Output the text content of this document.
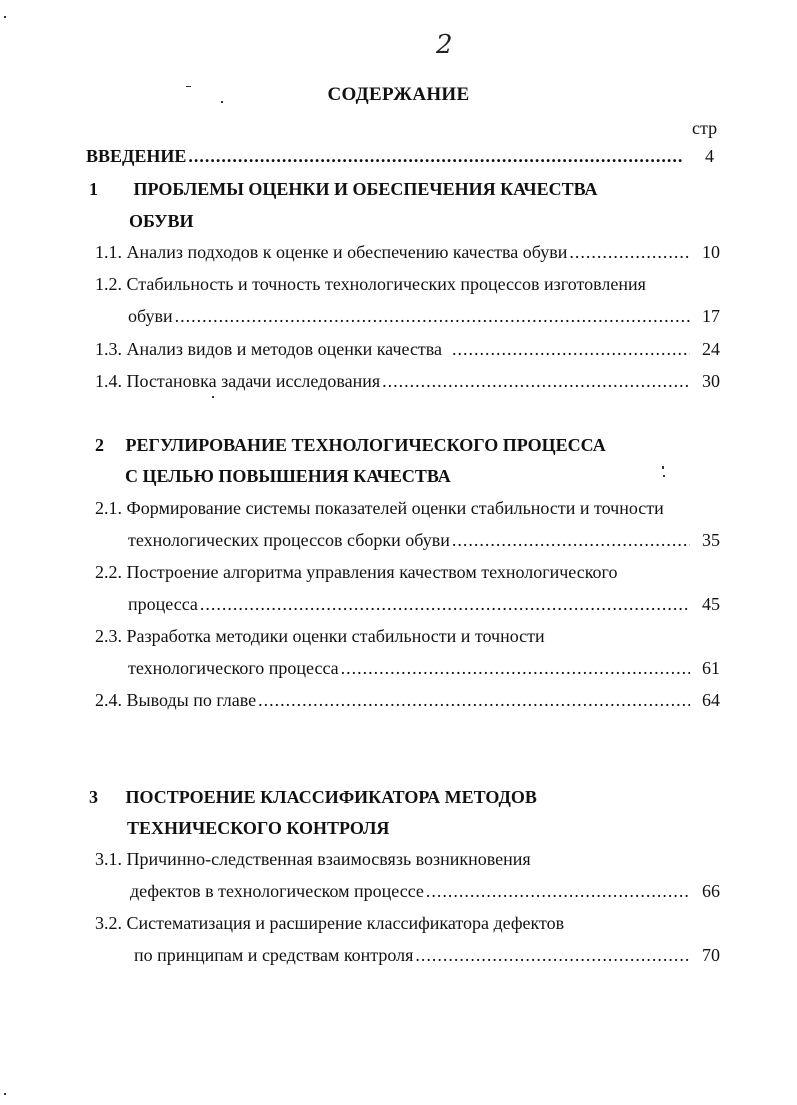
2
СОДЕРЖАНИЕ
стр
ВВЕДЕНИЕ .....	4
1 ПРОБЛЕМЫ ОЦЕНКИ И ОБЕСПЕЧЕНИЯ КАЧЕСТВА
ОБУВИ
1.1. Анализ подходов к оценке и обеспечению качества обуви .....	10
1.2. Стабильность и точность технологических процессов изготовления
обуви .....	17
1.3. Анализ видов и методов оценки качества .....	24
1.4. Постановка задачи исследования .....	30
2 РЕГУЛИРОВАНИЕ ТЕХНОЛОГИЧЕСКОГО ПРОЦЕССА
С ЦЕЛЬЮ ПОВЫШЕНИЯ КАЧЕСТВА
2.1. Формирование системы показателей оценки стабильности и точности
технологических процессов сборки обуви .....	35
2.2. Построение алгоритма управления качеством технологического
процесса .....	45
2.3. Разработка методики оценки стабильности и точности
технологического процесса .....	61
2.4. Выводы по главе .....	64
3 ПОСТРОЕНИЕ КЛАССИФИКАТОРА МЕТОДОВ
ТЕХНИЧЕСКОГО КОНТРОЛЯ
3.1. Причинно-следственная взаимосвязь возникновения
дефектов в технологическом процессе .....	66
3.2. Систематизация и расширение классификатора дефектов
по принципам и средствам контроля .....	70
